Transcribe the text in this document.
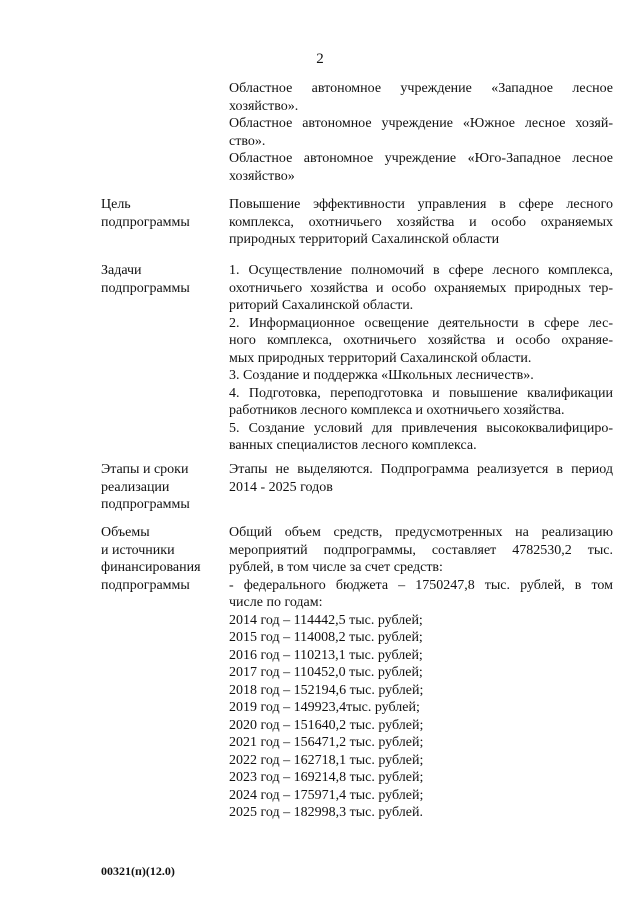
2
Областное автономное учреждение «Западное лесное
хозяйство».

Областное автономное учреждение «Южное лесное хозяй-
ство».

Областное автономное учреждение «Юго-Западное лесное
хозяйство»
Цель
подпрограммы
Повышение эффективности управления в сфере лесного
комплекса, охотничьего хозяйства и особо охраняемых
природных территорий Сахалинской области
Задачи
подпрограммы
1. Осуществление полномочий в сфере лесного комплекса,
охотничьего хозяйства и особо охраняемых природных тер-
риторий Сахалинской области.

2. Информационное освещение деятельности в сфере лес-
ного комплекса, охотничьего хозяйства и особо охраняе-
мых природных территорий Сахалинской области.
3. Создание и поддержка «Школьных лесничеств».

4. Подготовка, переподготовка и повышение квалификации
работников лесного комплекса и охотничьего хозяйства.

5. Создание условий для привлечения высококвалифициро-
ванных специалистов лесного комплекса.
Этапы и сроки
реализации
подпрограммы
Этапы не выделяются. Подпрограмма реализуется в период
2014 - 2025 годов
Объемы
и источники
финансирования
подпрограммы
Общий объем средств, предусмотренных на реализацию
мероприятий подпрограммы, составляет 4782530,2 тыс.
рублей, в том числе за счет средств:

- федерального бюджета – 1750247,8 тыс. рублей, в том
числе по годам:
2014 год – 114442,5 тыс. рублей;
2015 год – 114008,2 тыс. рублей;
2016 год – 110213,1 тыс. рублей;
2017 год – 110452,0 тыс. рублей;
2018 год – 152194,6 тыс. рублей;
2019 год – 149923,4тыс. рублей;
2020 год – 151640,2 тыс. рублей;
2021 год – 156471,2 тыс. рублей;
2022 год – 162718,1 тыс. рублей;
2023 год – 169214,8 тыс. рублей;
2024 год – 175971,4 тыс. рублей;
2025 год – 182998,3 тыс. рублей.
00321(п)(12.0)
